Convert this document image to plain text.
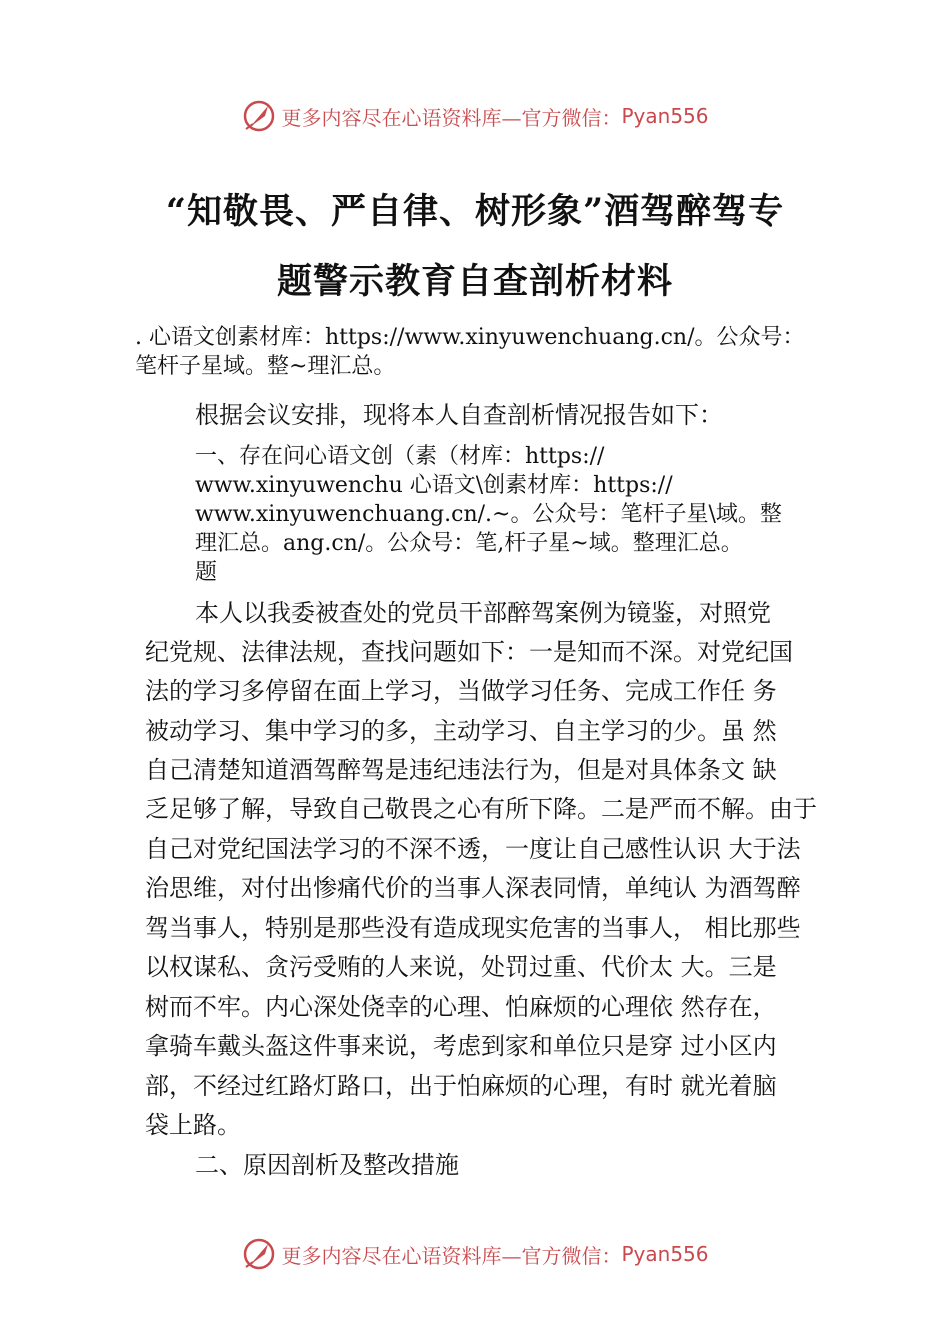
更多内容尽在心语资料库—官方微信： Pyan556
“知敬畏、严自律、树形象”酒驾醉驾专
题警示教育自查剖析材料
. 心语文创素材库：https://www.xinyuwenchuang.cn/。公众号：
笔杆子星域。整~理汇总。
根据会议安排，现将本人自查剖析情况报告如下：
一、存在问心语文创（素（材库：https://
www.xinyuwenchu 心语文\创素材库：https://
www.xinyuwenchuang.cn/.~。公众号：笔杆子星\域。整
理汇总。ang.cn/。公众号：笔,杆子星~域。整理汇总。
题
本人以我委被查处的党员干部醉驾案例为镜鉴，对照党
纪党规、法律法规，查找问题如下：一是知而不深。对党纪国
法的学习多停留在面上学习，当做学习任务、完成工作任 务
被动学习、集中学习的多，主动学习、自主学习的少。虽 然
自己清楚知道酒驾醉驾是违纪违法行为，但是对具体条文 缺
乏足够了解，导致自己敬畏之心有所下降。二是严而不解。由于
自己对党纪国法学习的不深不透，一度让自己感性认识 大于法
治思维，对付出惨痛代价的当事人深表同情，单纯认 为酒驾醉
驾当事人，特别是那些没有造成现实危害的当事人， 相比那些
以权谋私、贪污受贿的人来说，处罚过重、代价太 大。三是
树而不牢。内心深处侥幸的心理、怕麻烦的心理依 然存在，
拿骑车戴头盔这件事来说，考虑到家和单位只是穿 过小区内
部，不经过红路灯路口，出于怕麻烦的心理，有时 就光着脑
袋上路。
二、原因剖析及整改措施
更多内容尽在心语资料库—官方微信： Pyan556
